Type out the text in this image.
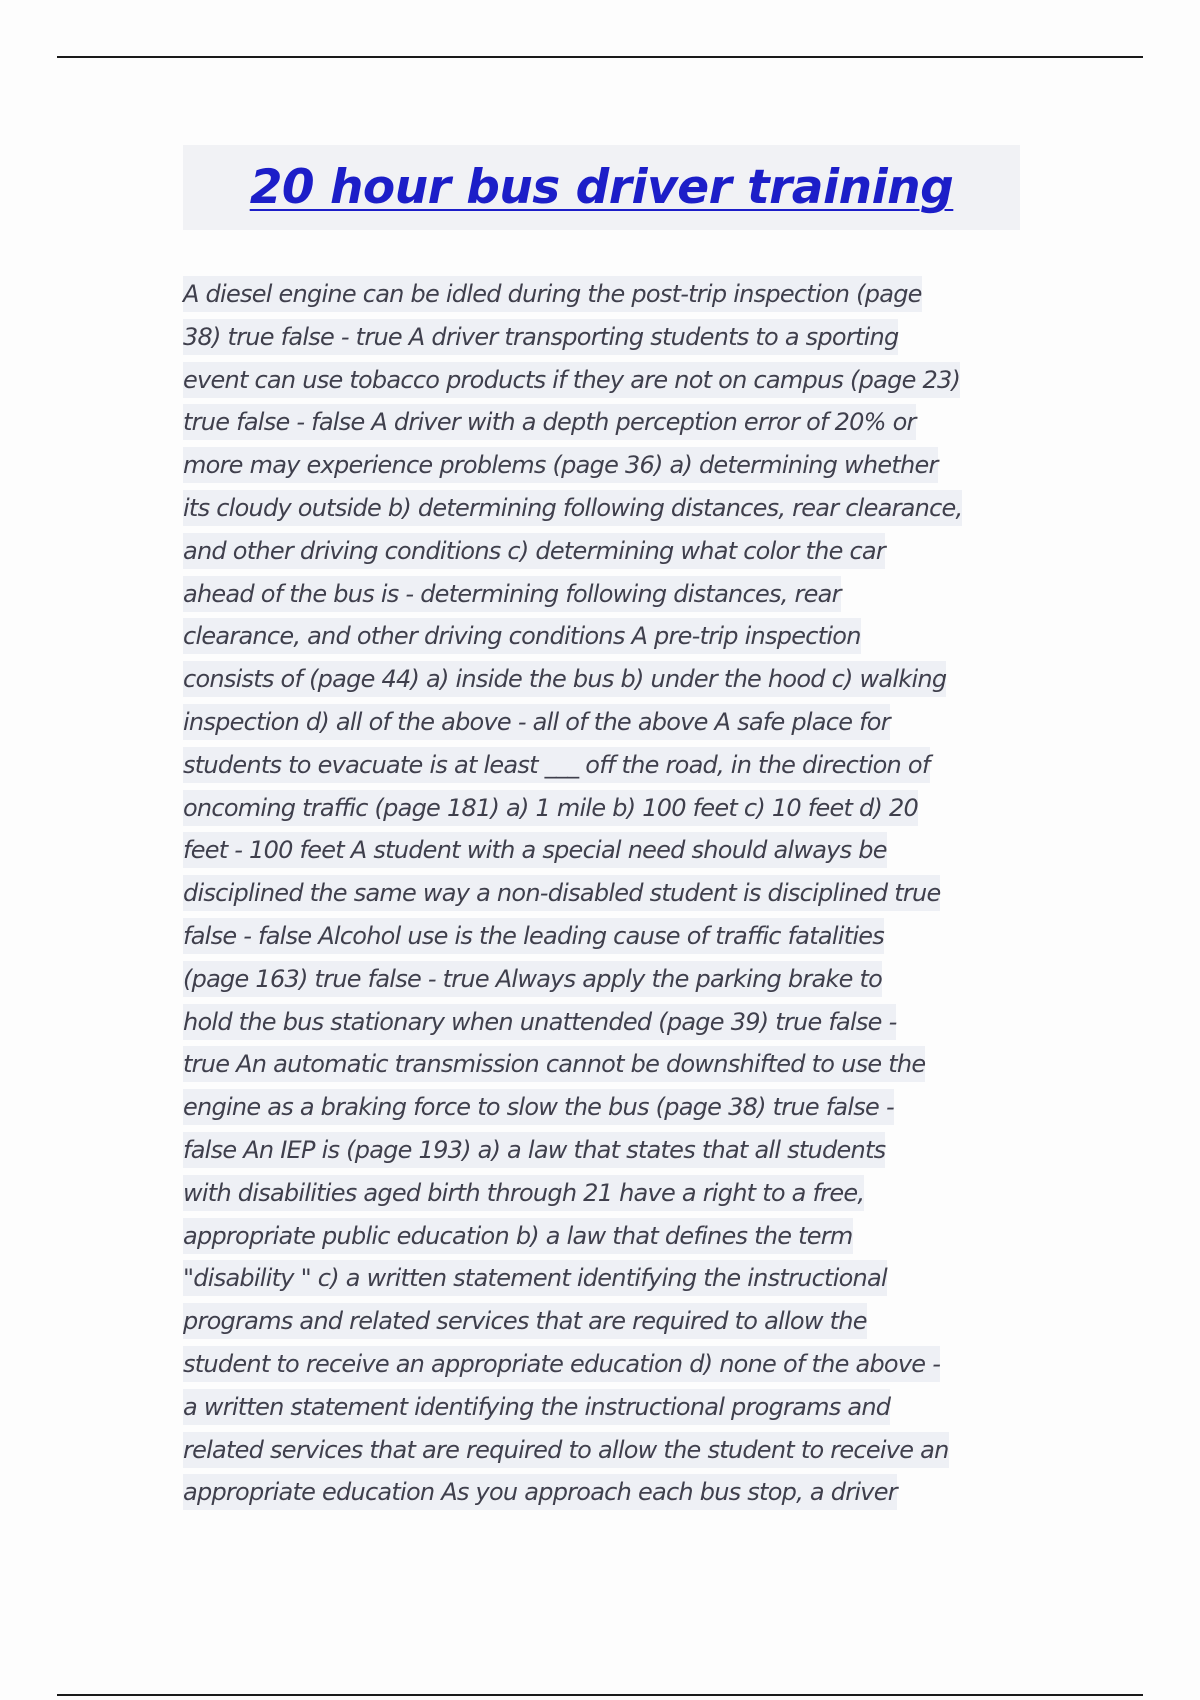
20 hour bus driver training
A diesel engine can be idled during the post-trip inspection (page
38) true false - true A driver transporting students to a sporting
event can use tobacco products if they are not on campus (page 23)
true false - false A driver with a depth perception error of 20% or
more may experience problems (page 36) a) determining whether
its cloudy outside b) determining following distances, rear clearance,
and other driving conditions c) determining what color the car
ahead of the bus is - determining following distances, rear
clearance, and other driving conditions A pre-trip inspection
consists of (page 44) a) inside the bus b) under the hood c) walking
inspection d) all of the above - all of the above A safe place for
students to evacuate is at least ___ off the road, in the direction of
oncoming traffic (page 181) a) 1 mile b) 100 feet c) 10 feet d) 20
feet - 100 feet A student with a special need should always be
disciplined the same way a non-disabled student is disciplined true
false - false Alcohol use is the leading cause of traffic fatalities
(page 163) true false - true Always apply the parking brake to
hold the bus stationary when unattended (page 39) true false -
true An automatic transmission cannot be downshifted to use the
engine as a braking force to slow the bus (page 38) true false -
false An IEP is (page 193) a) a law that states that all students
with disabilities aged birth through 21 have a right to a free,
appropriate public education b) a law that defines the term
"disability " c) a written statement identifying the instructional
programs and related services that are required to allow the
student to receive an appropriate education d) none of the above -
a written statement identifying the instructional programs and
related services that are required to allow the student to receive an
appropriate education As you approach each bus stop, a driver
